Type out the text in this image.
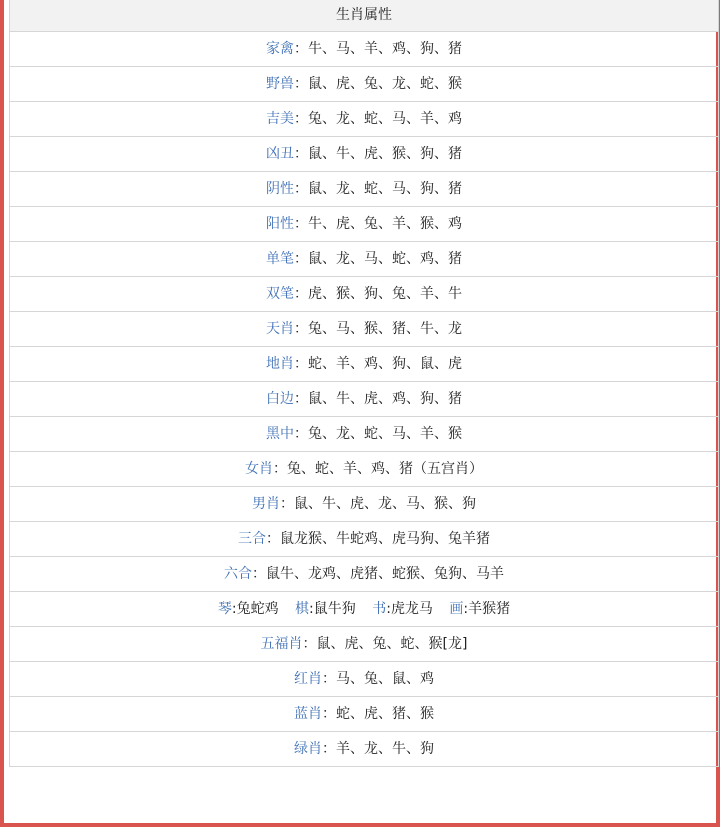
生肖属性
家禽：牛、马、羊、鸡、狗、猪
野兽：鼠、虎、兔、龙、蛇、猴
吉美：兔、龙、蛇、马、羊、鸡
凶丑：鼠、牛、虎、猴、狗、猪
阴性：鼠、龙、蛇、马、狗、猪
阳性：牛、虎、兔、羊、猴、鸡
单笔：鼠、龙、马、蛇、鸡、猪
双笔：虎、猴、狗、兔、羊、牛
天肖：兔、马、猴、猪、牛、龙
地肖：蛇、羊、鸡、狗、鼠、虎
白边：鼠、牛、虎、鸡、狗、猪
黑中：兔、龙、蛇、马、羊、猴
女肖：兔、蛇、羊、鸡、猪（五宫肖）
男肖：鼠、牛、虎、龙、马、猴、狗
三合：鼠龙猴、牛蛇鸡、虎马狗、兔羊猪
六合：鼠牛、龙鸡、虎猪、蛇猴、兔狗、马羊
琴:兔蛇鸡 棋:鼠牛狗 书:虎龙马 画:羊猴猪
五福肖：鼠、虎、兔、蛇、猴[龙]
红肖：马、兔、鼠、鸡
蓝肖：蛇、虎、猪、猴
绿肖：羊、龙、牛、狗
